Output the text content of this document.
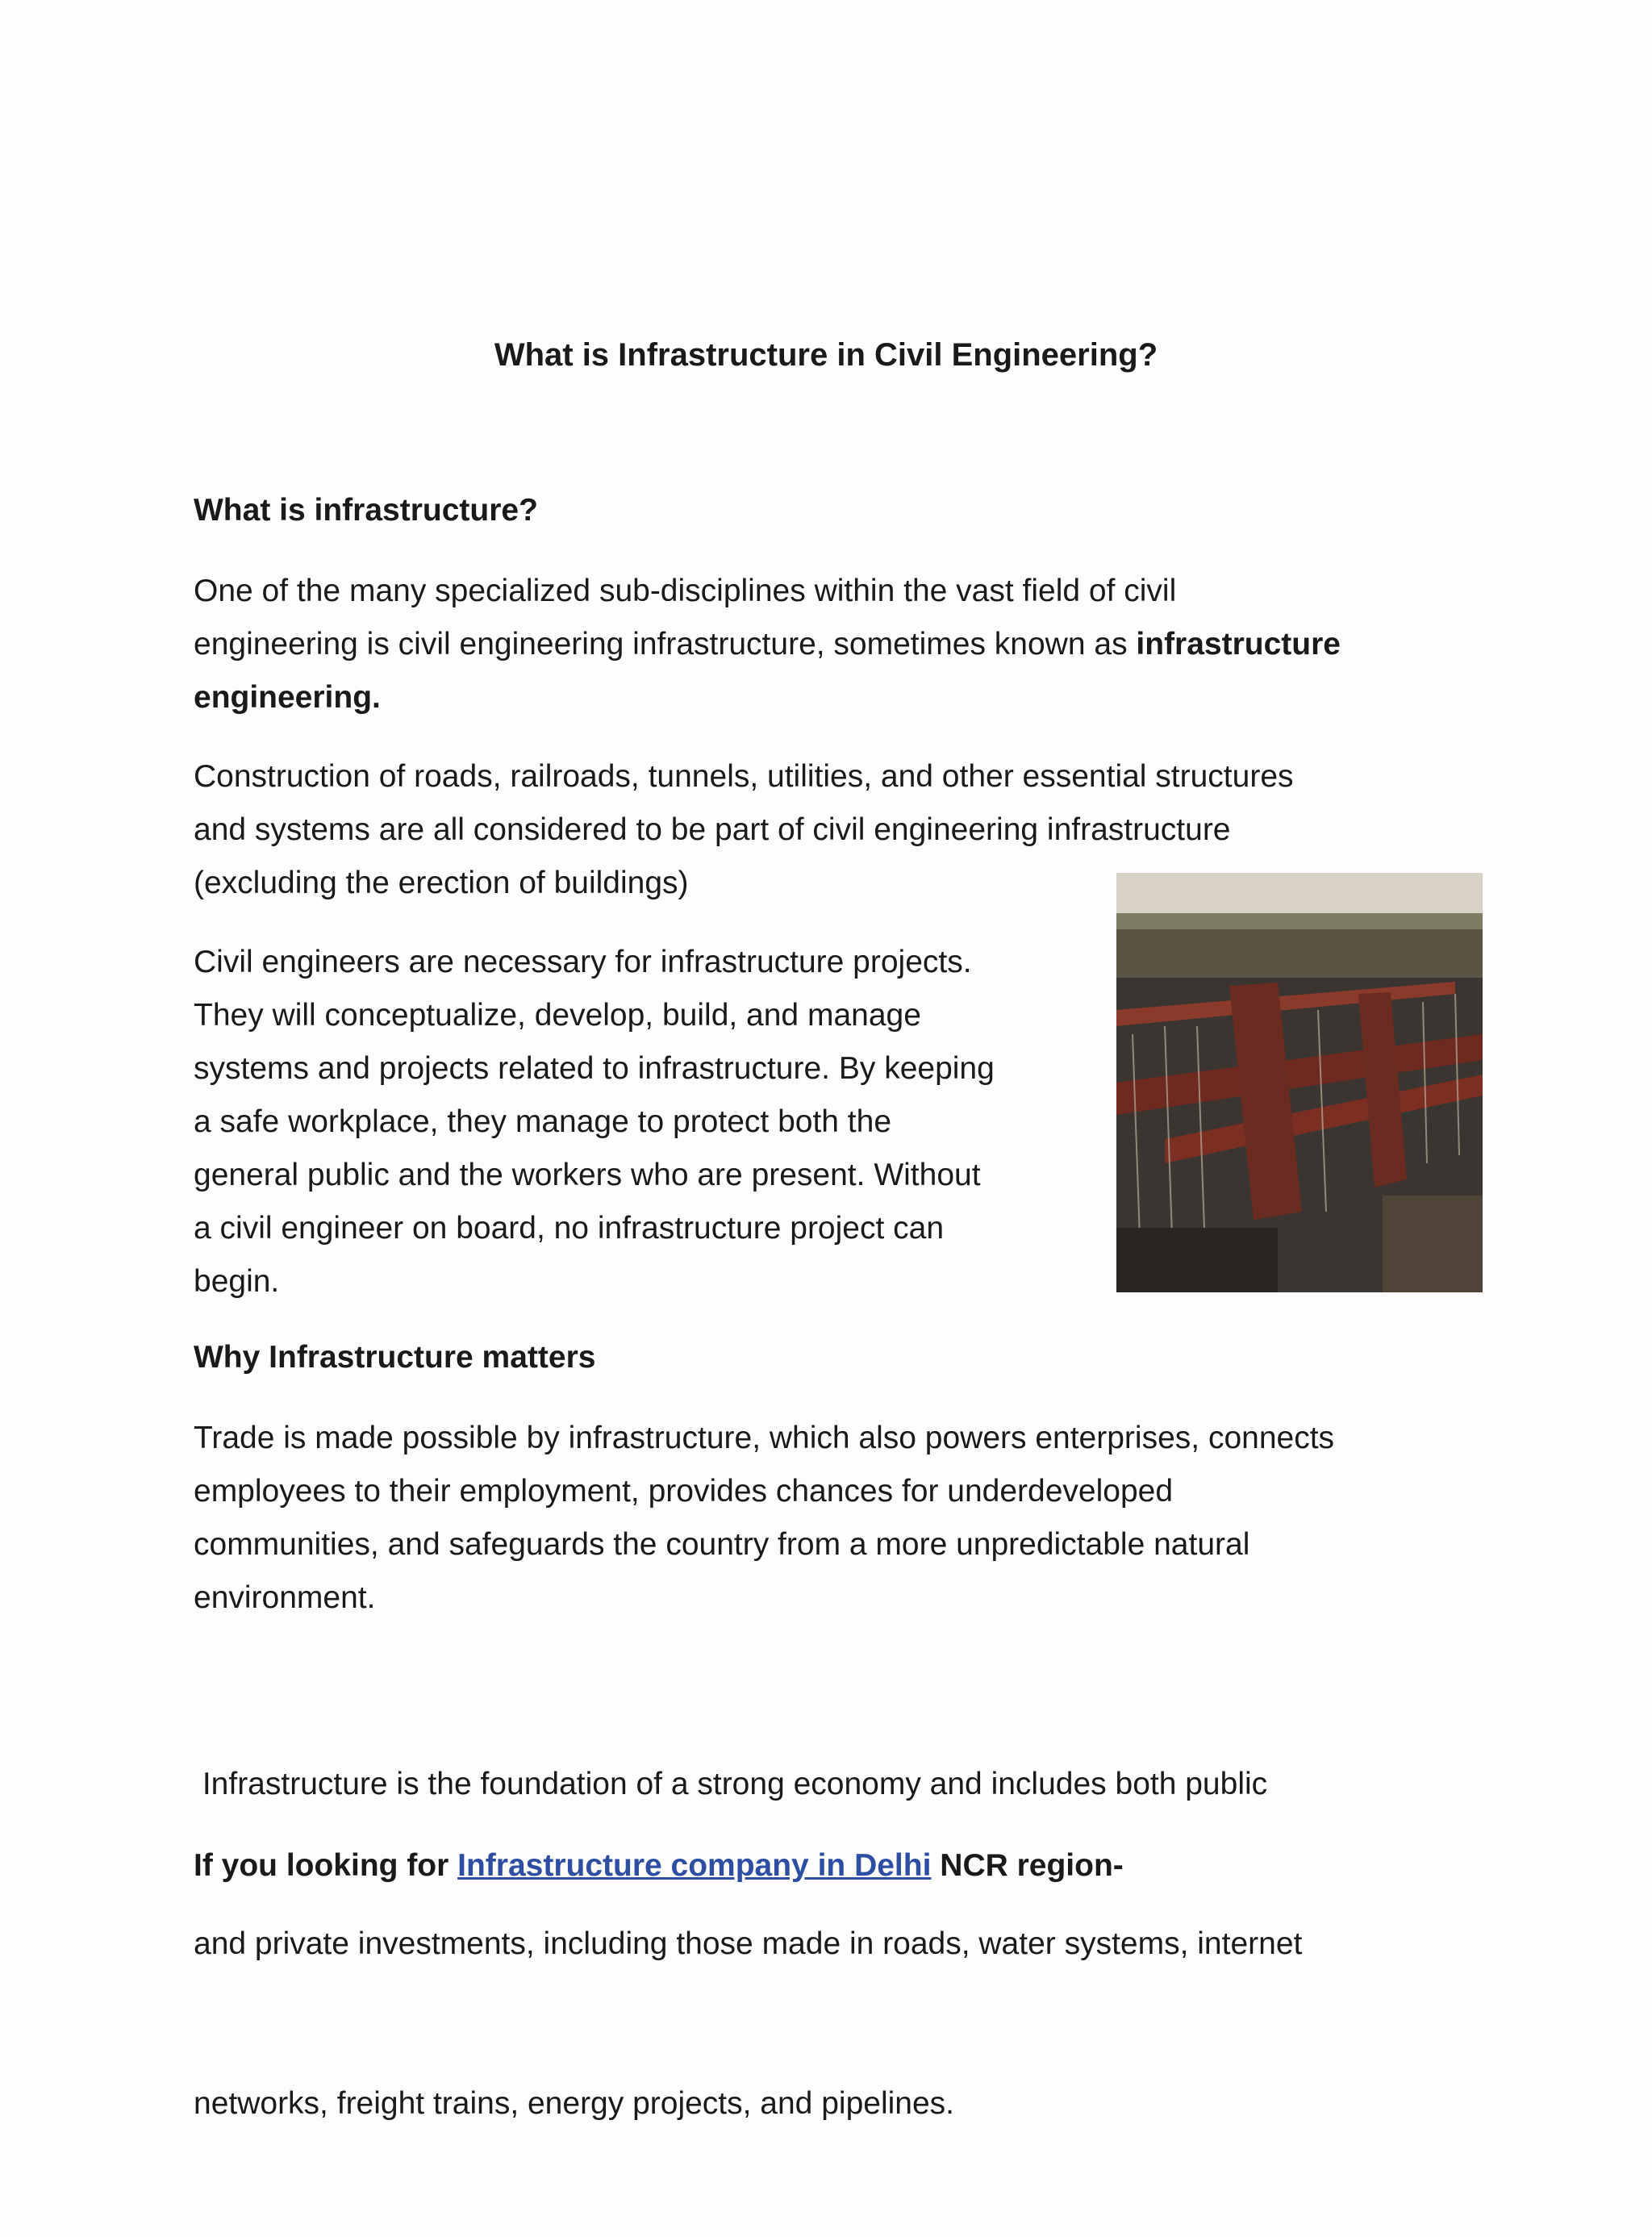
What is Infrastructure in Civil Engineering?
What is infrastructure?
One of the many specialized sub-disciplines within the vast field of civil
engineering is civil engineering infrastructure, sometimes known as infrastructure
engineering.
Construction of roads, railroads, tunnels, utilities, and other essential structures
and systems are all considered to be part of civil engineering infrastructure
(excluding the erection of buildings)
Civil engineers are necessary for infrastructure projects.
They will conceptualize, develop, build, and manage
systems and projects related to infrastructure. By keeping
a safe workplace, they manage to protect both the
general public and the workers who are present. Without
a civil engineer on board, no infrastructure project can
begin.
Why Infrastructure matters
Trade is made possible by infrastructure, which also powers enterprises, connects
employees to their employment, provides chances for underdeveloped
communities, and safeguards the country from a more unpredictable natural
environment.

Infrastructure is the foundation of a strong economy and includes both public

and private investments, including those made in roads, water systems, internet

networks, freight trains, energy projects, and pipelines.

If you looking for Infrastructure company in Delhi NCR region-
